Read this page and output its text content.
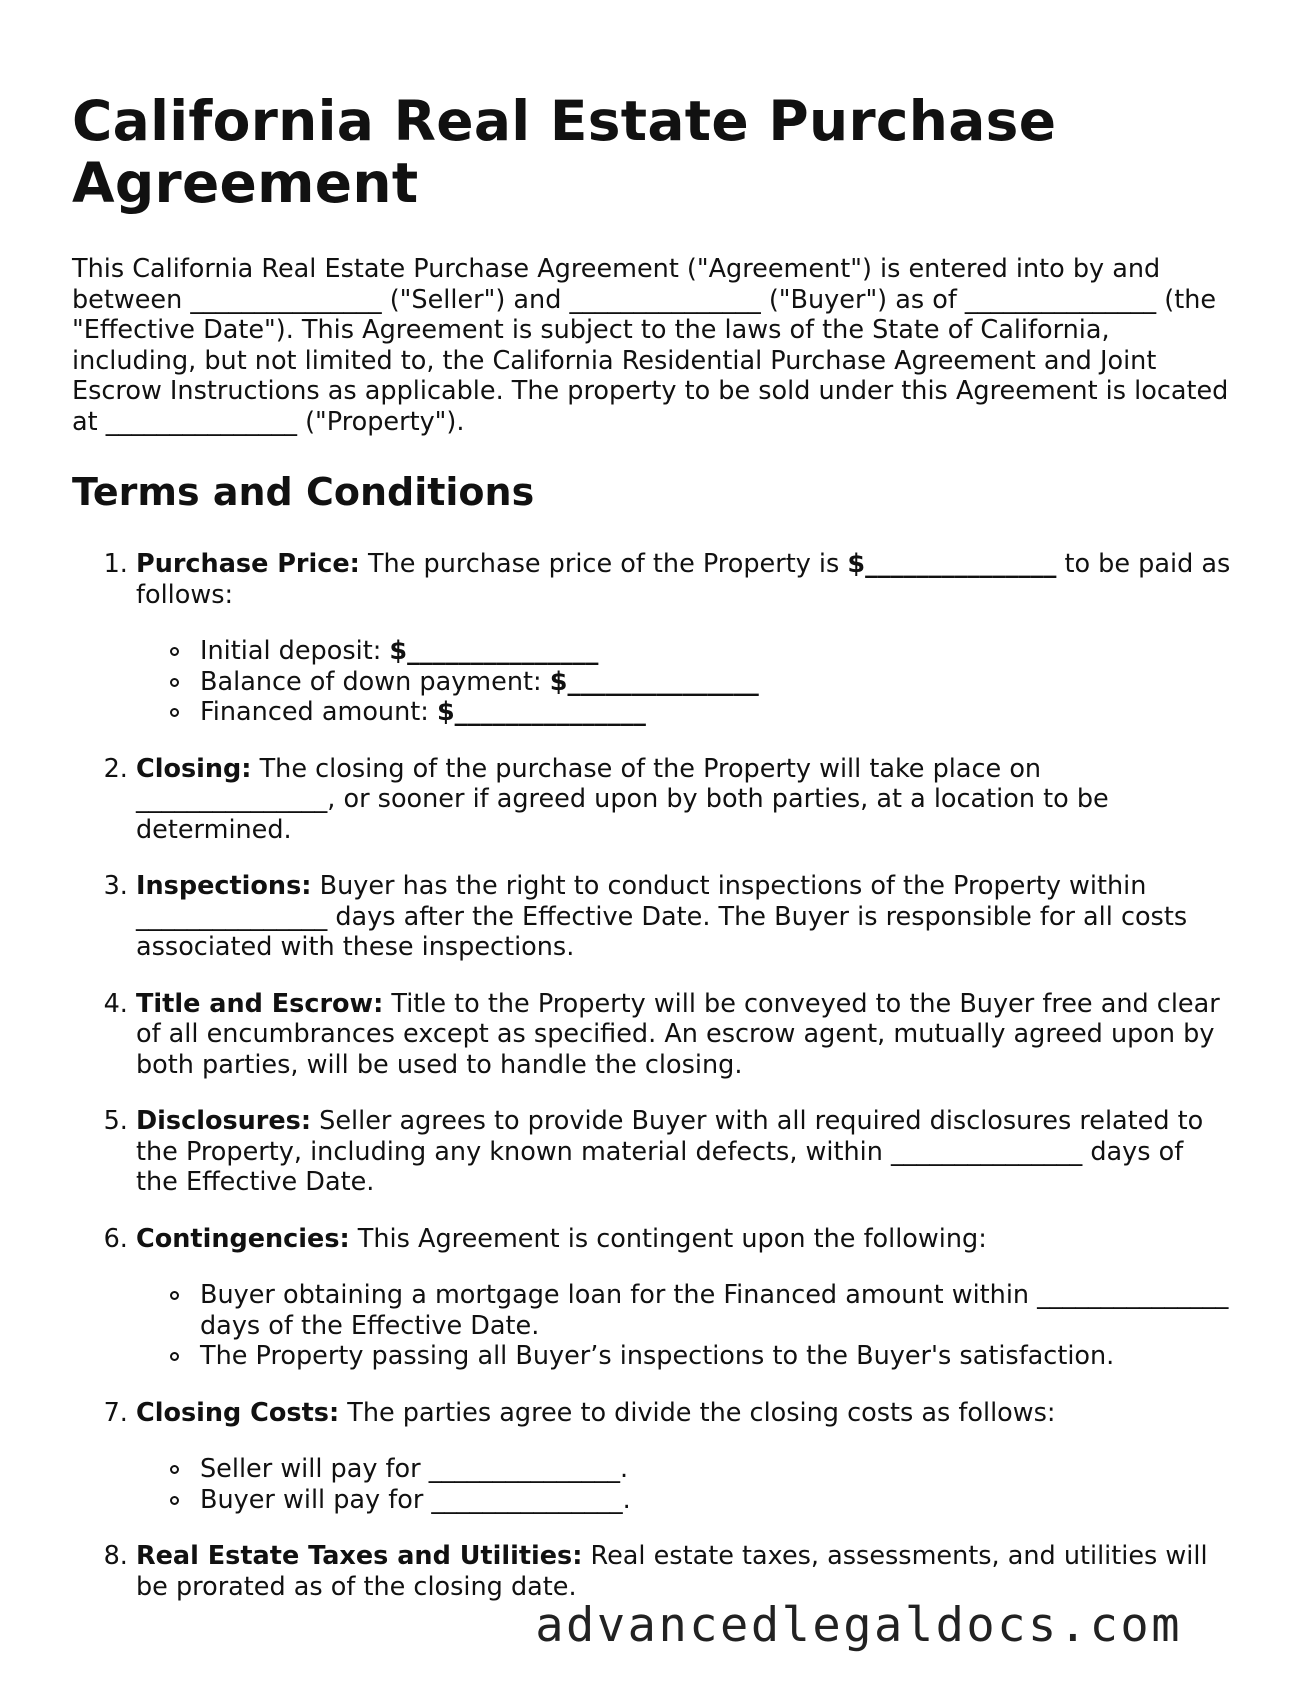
California Real Estate Purchase Agreement

This California Real Estate Purchase Agreement ("Agreement") is entered into by and between _______________ ("Seller") and _______________ ("Buyer") as of _______________ (the "Effective Date"). This Agreement is subject to the laws of the State of California, including, but not limited to, the California Residential Purchase Agreement and Joint Escrow Instructions as applicable. The property to be sold under this Agreement is located at _______________ ("Property").

Terms and Conditions
1. Purchase Price: The purchase price of the Property is $_______________ to be paid as follows:
Initial deposit: $_______________
Balance of down payment: $_______________
Financed amount: $_______________
2. Closing: The closing of the purchase of the Property will take place on _______________, or sooner if agreed upon by both parties, at a location to be determined.
3. Inspections: Buyer has the right to conduct inspections of the Property within _______________ days after the Effective Date. The Buyer is responsible for all costs associated with these inspections.
4. Title and Escrow: Title to the Property will be conveyed to the Buyer free and clear of all encumbrances except as specified. An escrow agent, mutually agreed upon by both parties, will be used to handle the closing.
5. Disclosures: Seller agrees to provide Buyer with all required disclosures related to the Property, including any known material defects, within _______________ days of the Effective Date.
6. Contingencies: This Agreement is contingent upon the following:
Buyer obtaining a mortgage loan for the Financed amount within _______________ days of the Effective Date.
The Property passing all Buyer’s inspections to the Buyer's satisfaction.
7. Closing Costs: The parties agree to divide the closing costs as follows:
Seller will pay for _______________.
Buyer will pay for _______________.
8. Real Estate Taxes and Utilities: Real estate taxes, assessments, and utilities will be prorated as of the closing date.
advancedlegaldocs.com
